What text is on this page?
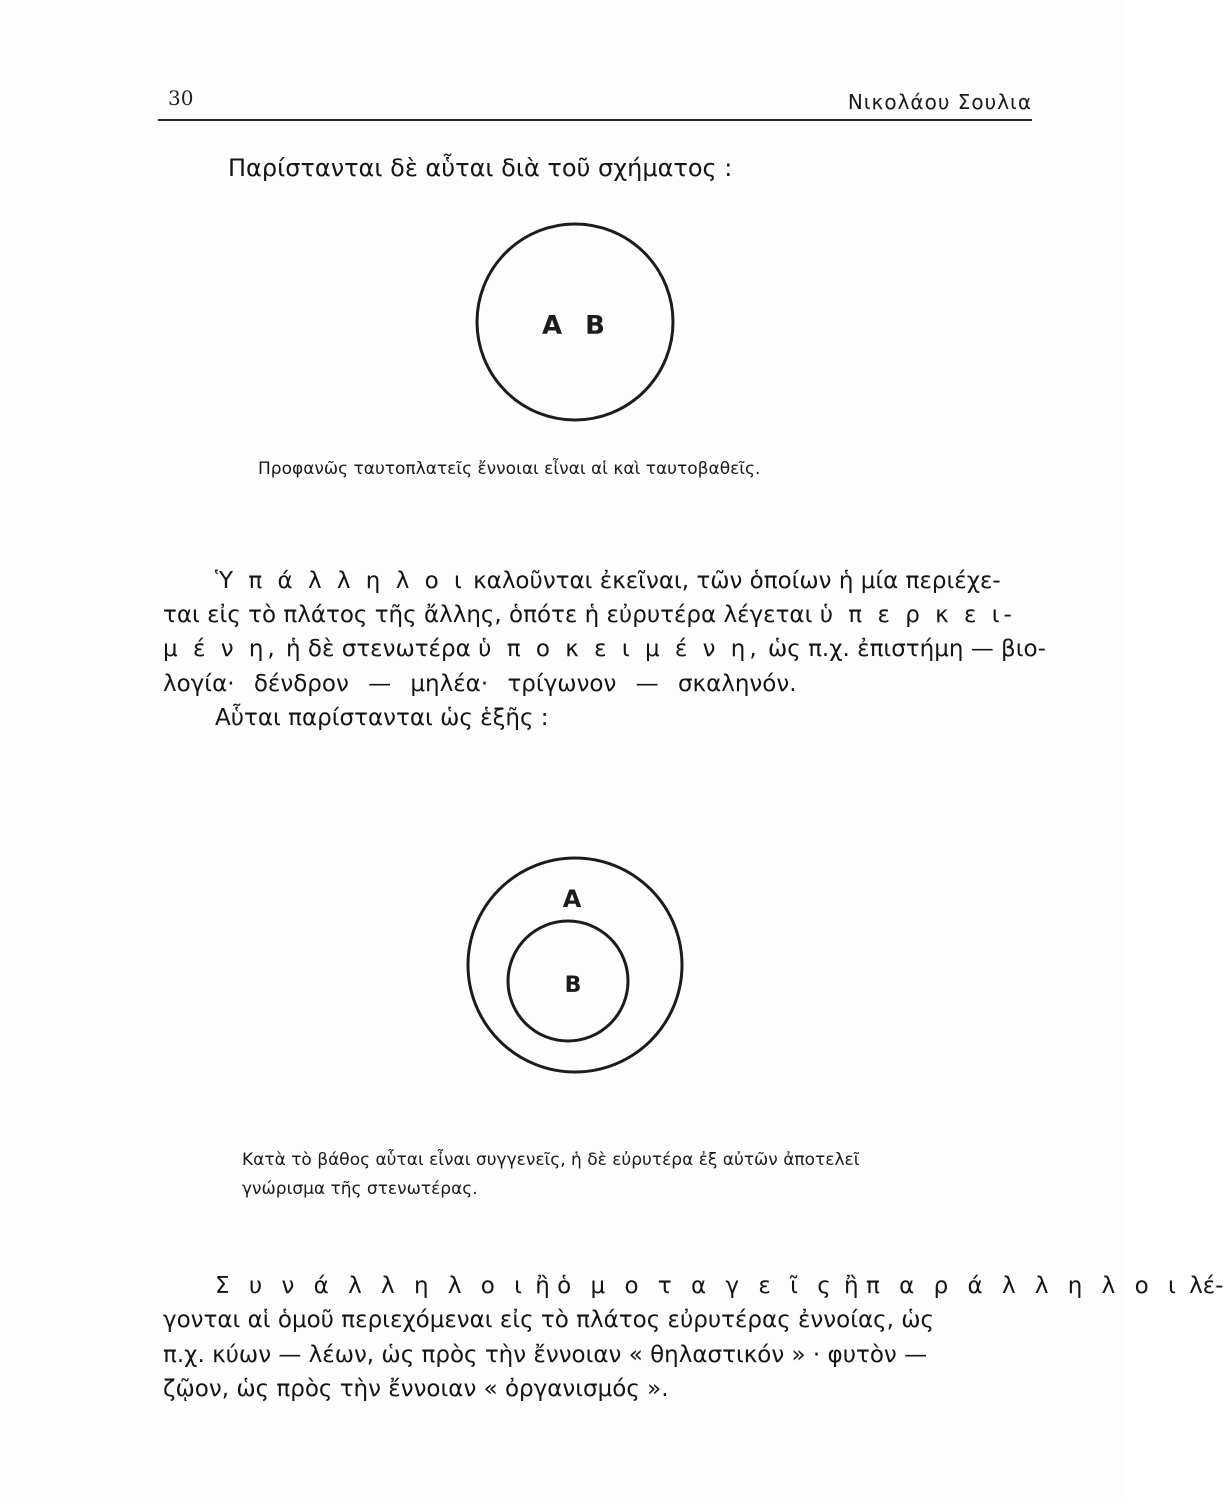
30	Νικολάου Σουλια

Παρίστανται δὲ αὗται διὰ τοῦ σχήματος :

Α Β
Α
Β

Προφανῶς ταυτοπλατεῖς ἔννοιαι εἶναι αἱ καὶ ταυτοβαθεῖς.

Ὑ π ά λ λ η λ ο ι καλοῦνται ἐκεῖναι, τῶν ὁποίων ἡ μία περιέχε-

ται εἰς τὸ πλάτος τῆς ἄλλης, ὁπότε ἡ εὐρυτέρα λέγεται ὑ π ε ρ κ ε ι-

μ έ ν η, ἡ δὲ στενωτέρα ὑ π ο κ ε ι μ έ ν η, ὡς π.χ. ἐπιστήμη — βιο-

λογία· δένδρον — μηλέα· τρίγωνον — σκαληνόν.

Αὗται παρίστανται ὡς ἑξῆς :

Κατὰ τὸ βάθος αὗται εἶναι συγγενεῖς, ἡ δὲ εὐρυτέρα ἐξ αὐτῶν ἀποτελεῖ

γνώρισμα τῆς στενωτέρας.

Σ υ ν ά λ λ η λ ο ι ἢ ὁ μ ο τ α γ ε ῖ ς ἢ π α ρ ά λ λ η λ ο ι λέ-

γονται αἱ ὁμοῦ περιεχόμεναι εἰς τὸ πλάτος εὐρυτέρας ἐννοίας, ὡς

π.χ. κύων — λέων, ὡς πρὸς τὴν ἔννοιαν « θηλαστικόν » · φυτὸν —

ζῷον, ὡς πρὸς τὴν ἔννοιαν « ὀργανισμός ».
